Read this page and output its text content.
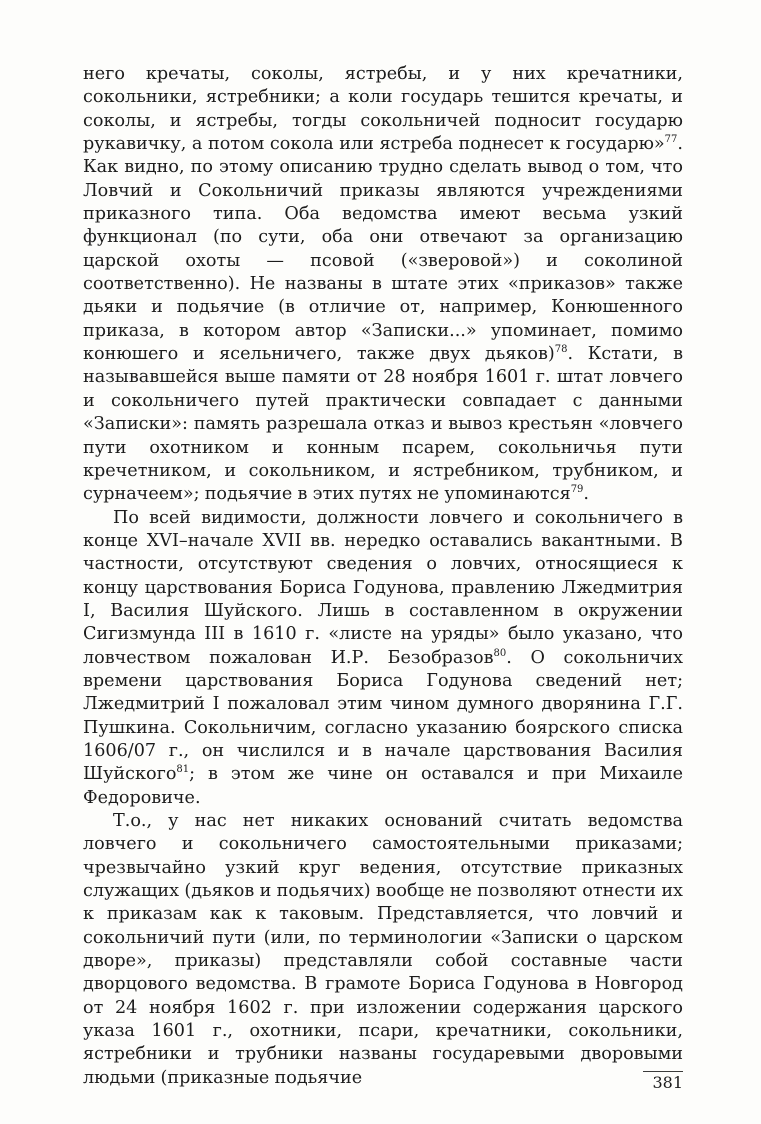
него кречаты, соколы, ястребы, и у них кречатники, сокольники, ястребники; а коли государь тешится кречаты, и соколы, и ястребы, тогды сокольничей подносит государю рукавичку, а потом сокола или ястреба поднесет к государю»$^{77}$. Как видно, по этому описанию трудно сделать вывод о том, что Ловчий и Сокольничий приказы являются учреждениями приказного типа. Оба ведомства имеют весьма узкий функционал (по сути, оба они отвечают за организацию царской охоты — псовой («зверовой») и соколиной соответственно). Не названы в штате этих «приказов» также дьяки и подьячие (в отличие от, например, Конюшенного приказа, в котором автор «Записки...» упоминает, помимо конюшего и ясельничего, также двух дьяков)$^{78}$. Кстати, в называвшейся выше памяти от 28 ноября 1601 г. штат ловчего и сокольничего путей практически совпадает с данными «Записки»: память разрешала отказ и вывоз крестьян «ловчего пути охотником и конным псарем, сокольничья пути кречетником, и сокольником, и ястребником, трубником, и сурначеем»; подьячие в этих путях не упоминаются$^{79}$.

По всей видимости, должности ловчего и сокольничего в конце XVI–начале XVII вв. нередко оставались вакантными. В частности, отсутствуют сведения о ловчих, относящиеся к концу царствования Бориса Годунова, правлению Лжедмитрия I, Василия Шуйского. Лишь в составленном в окружении Сигизмунда III в 1610 г. «листе на уряды» было указано, что ловчеством пожалован И.Р. Безобразов$^{80}$. О сокольничих времени царствования Бориса Годунова сведений нет; Лжедмитрий I пожаловал этим чином думного дворянина Г.Г. Пушкина. Сокольничим, согласно указанию боярского списка 1606/07 г., он числился и в начале царствования Василия Шуйского$^{81}$; в этом же чине он оставался и при Михаиле Федоровиче.

Т.о., у нас нет никаких оснований считать ведомства ловчего и сокольничего самостоятельными приказами; чрезвычайно узкий круг ведения, отсутствие приказных служащих (дьяков и подьячих) вообще не позволяют отнести их к приказам как к таковым. Представляется, что ловчий и сокольничий пути (или, по терминологии «Записки о царском дворе», приказы) представляли собой составные части дворцового ведомства. В грамоте Бориса Годунова в Новгород от 24 ноября 1602 г. при изложении содержания царского указа 1601 г., охотники, псари, кречатники, сокольники, ястребники и трубники названы государевыми дворовыми людьми (приказные подьячие	381
